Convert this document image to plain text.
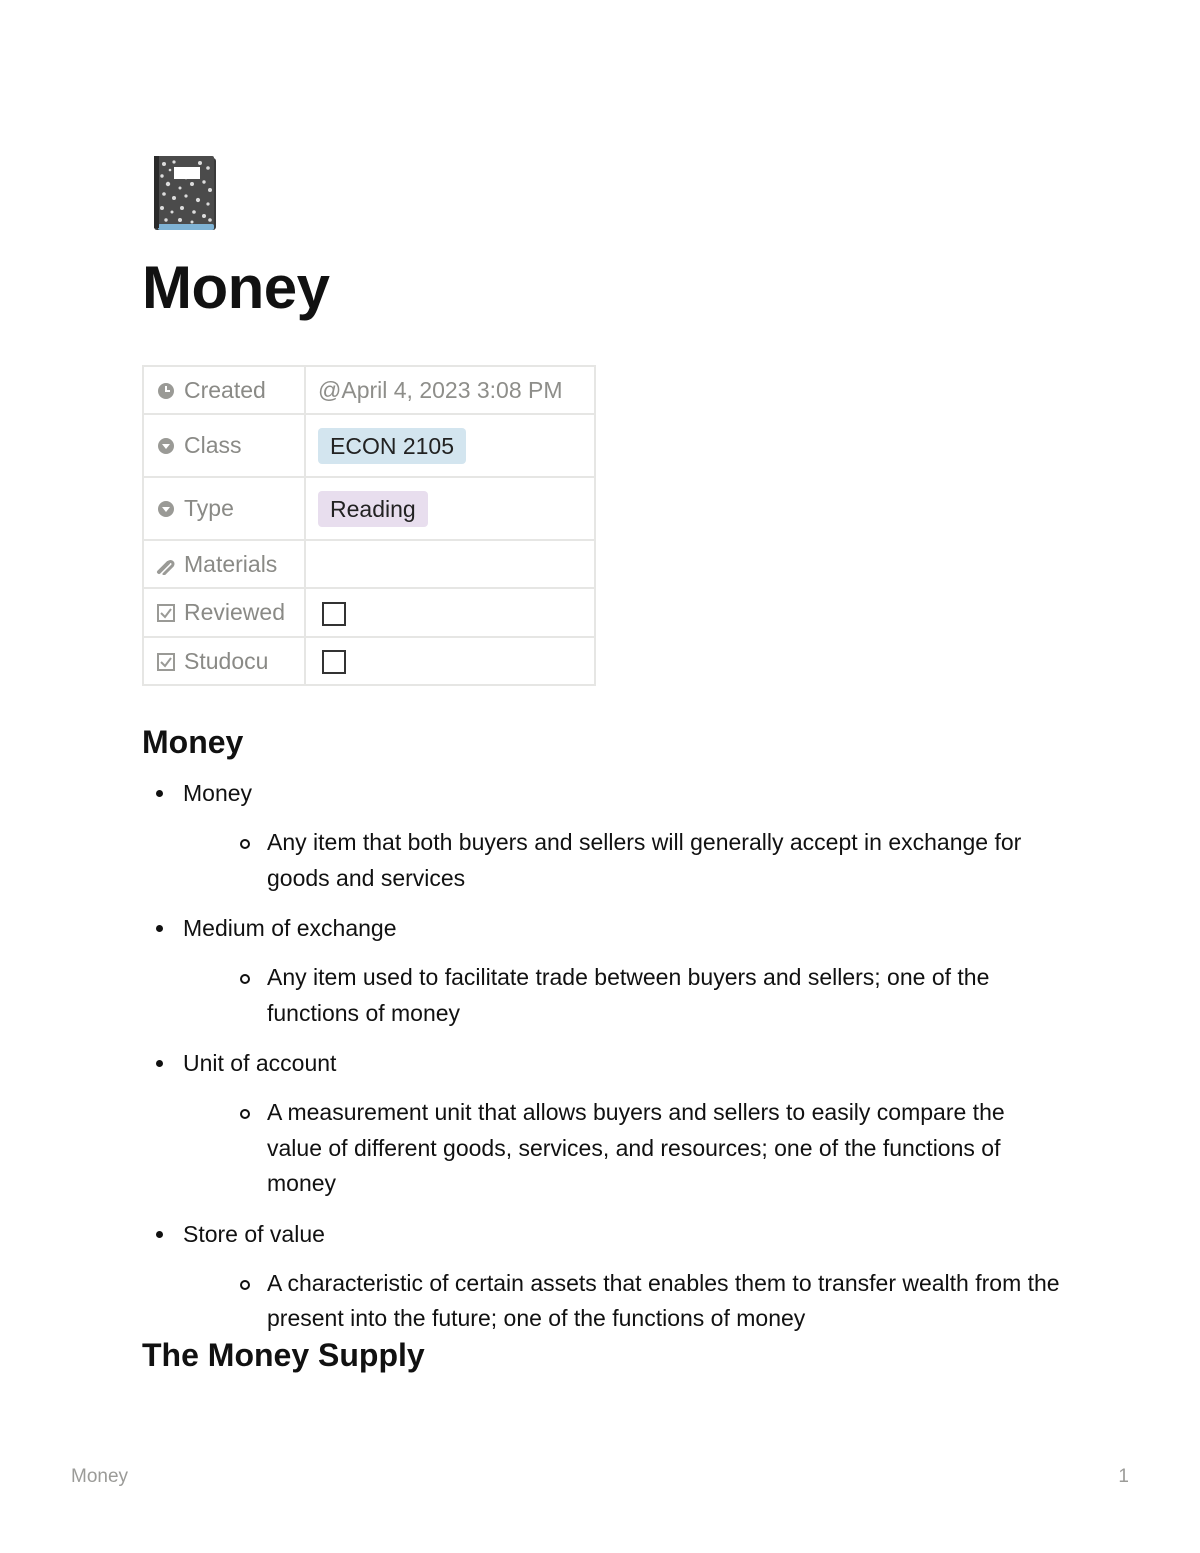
Money
Created	@April 4, 2023 3:08 PM
Class	ECON 2105
Type	Reading
Materials	
Reviewed	
Studocu	
Money
Money
Any item that both buyers and sellers will generally accept in exchange for goods and services
Medium of exchange
Any item used to facilitate trade between buyers and sellers; one of the functions of money
Unit of account
A measurement unit that allows buyers and sellers to easily compare the value of different goods, services, and resources; one of the functions of money
Store of value
A characteristic of certain assets that enables them to transfer wealth from the present into the future; one of the functions of money
The Money Supply
Money	1
